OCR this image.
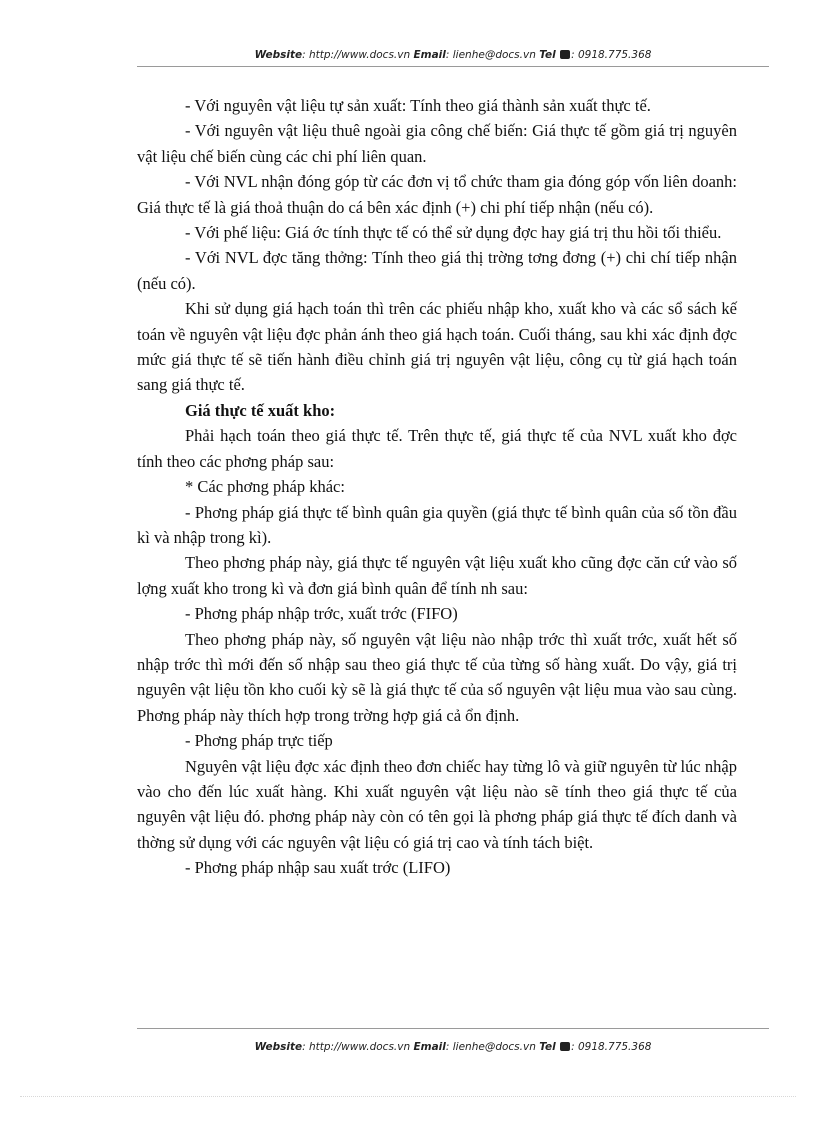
Website: http://www.docs.vn Email: lienhe@docs.vn Tel : 0918.775.368

- Với nguyên vật liệu tự sản xuất: Tính theo giá thành sản xuất thực tế.

- Với nguyên vật liệu thuê ngoài gia công chế biến: Giá thực tế gồm giá trị nguyên vật liệu chế biến cùng các chi phí liên quan.

- Với NVL nhận đóng góp từ các đơn vị tổ chức tham gia đóng góp vốn liên doanh: Giá thực tế là giá thoả thuận do cá bên xác định (+) chi phí tiếp nhận (nếu có).

- Với phế liệu: Giá ớc tính thực tế có thể sử dụng đợc hay giá trị thu hồi tối thiểu.

- Với NVL đợc tăng thởng: Tính theo giá thị trờng tơng đơng (+) chi chí tiếp nhận (nếu có).

Khi sử dụng giá hạch toán thì trên các phiếu nhập kho, xuất kho và các sổ sách kế toán về nguyên vật liệu đợc phản ánh theo giá hạch toán. Cuối tháng, sau khi xác định đợc mức giá thực tế sẽ tiến hành điều chỉnh giá trị nguyên vật liệu, công cụ từ giá hạch toán sang giá thực tế.

Giá thực tế xuất kho:

Phải hạch toán theo giá thực tế. Trên thực tế, giá thực tế của NVL xuất kho đợc tính theo các phơng pháp sau:

* Các phơng pháp khác:

- Phơng pháp giá thực tế bình quân gia quyền (giá thực tế bình quân của số tồn đầu kì và nhập trong kì).

Theo phơng pháp này, giá thực tế nguyên vật liệu xuất kho cũng đợc căn cứ vào số lợng xuất kho trong kì và đơn giá bình quân để tính nh sau:

- Phơng pháp nhập trớc, xuất trớc (FIFO)

Theo phơng pháp này, số nguyên vật liệu nào nhập trớc thì xuất trớc, xuất hết số nhập trớc thì mới đến số nhập sau theo giá thực tế của từng số hàng xuất. Do vậy, giá trị nguyên vật liệu tồn kho cuối kỳ sẽ là giá thực tế của số nguyên vật liệu mua vào sau cùng. Phơng pháp này thích hợp trong trờng hợp giá cả ổn định.

- Phơng pháp trực tiếp

Nguyên vật liệu đợc xác định theo đơn chiếc hay từng lô và giữ nguyên từ lúc nhập vào cho đến lúc xuất hàng. Khi xuất nguyên vật liệu nào sẽ tính theo giá thực tế của nguyên vật liệu đó. phơng pháp này còn có tên gọi là phơng pháp giá thực tế đích danh và thờng sử dụng với các nguyên vật liệu có giá trị cao và tính tách biệt.

- Phơng pháp nhập sau xuất trớc (LIFO)

Website: http://www.docs.vn Email: lienhe@docs.vn Tel : 0918.775.368
